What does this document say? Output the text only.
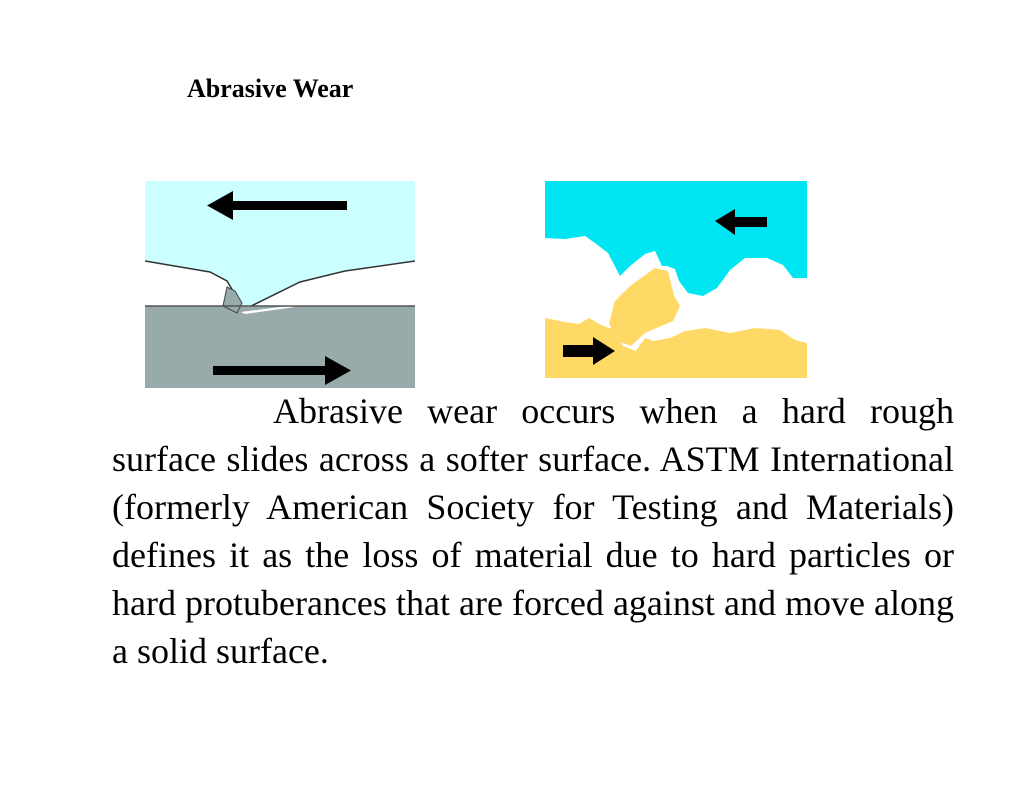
Abrasive Wear

Abrasive wear occurs when a hard rough surface slides across a softer surface. ASTM International (formerly American Society for Testing and Materials) defines it as the loss of material due to hard particles or hard protuberances that are forced against and move along a solid surface.
